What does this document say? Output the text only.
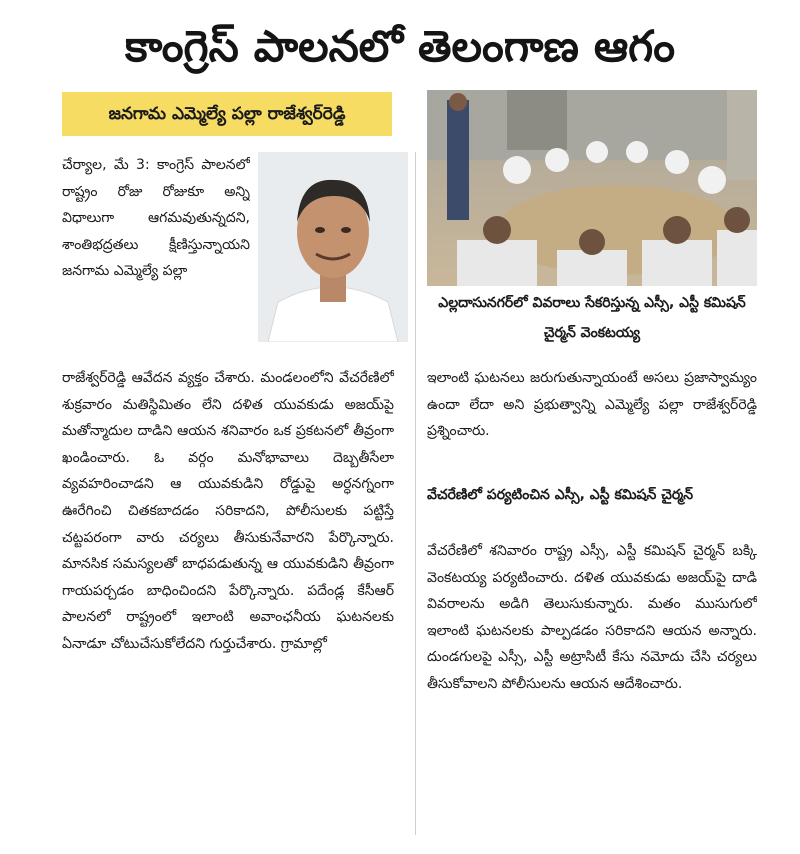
కాంగ్రెస్ పాలనలో తెలంగాణ ఆగం
జనగామ ఎమ్మెల్యే పల్లా రాజేశ్వర్‌రెడ్డి
చేర్యాల, మే 3: కాంగ్రెస్ పాలనలో రాష్ట్రం రోజు రోజుకూ అన్ని విధాలుగా ఆగమవుతున్నదని, శాంతిభద్రతలు క్షీణిస్తున్నాయని జనగామ ఎమ్మెల్యే పల్లా
ఎల్లదాసునగర్‌లో వివరాలు సేకరిస్తున్న ఎస్సీ, ఎస్టీ కమిషన్ చైర్మన్ వెంకటయ్య
రాజేశ్వర్‌రెడ్డి ఆవేదన వ్యక్తం చేశారు. మండలంలోని వేచరేణిలో శుక్రవారం మతిస్థిమితం లేని దళిత యువకుడు అజయ్‌పై మతోన్మాదుల దాడిని ఆయన శనివారం ఒక ప్రకటనలో తీవ్రంగా ఖండించారు. ఓ వర్గం మనోభావాలు దెబ్బతీసేలా వ్యవహరించాడని ఆ యువకుడిని రోడ్డుపై అర్ధనగ్నంగా ఊరేగించి చితకబాదడం సరికాదని, పోలీసులకు పట్టిస్తే చట్టపరంగా వారు చర్యలు తీసుకునేవారని పేర్కొన్నారు. మానసిక సమస్యలతో బాధపడుతున్న ఆ యువకుడిని తీవ్రంగా గాయపర్చడం బాధించిందని పేర్కొన్నారు. పదేండ్ల కేసీఆర్ పాలనలో రాష్ట్రంలో ఇలాంటి అవాంఛనీయ ఘటనలకు ఏనాడూ చోటుచేసుకోలేదని గుర్తుచేశారు. గ్రామాల్లో
ఇలాంటి ఘటనలు జరుగుతున్నాయంటే అసలు ప్రజాస్వామ్యం ఉందా లేదా అని ప్రభుత్వాన్ని ఎమ్మెల్యే పల్లా రాజేశ్వర్‌రెడ్డి ప్రశ్నించారు.
వేచరేణిలో పర్యటించిన ఎస్సీ, ఎస్టీ కమిషన్ చైర్మన్
వేచరేణిలో శనివారం రాష్ట్ర ఎస్సీ, ఎస్టీ కమిషన్ చైర్మన్ బక్కి వెంకటయ్య పర్యటించారు. దళిత యువకుడు అజయ్‌పై దాడి వివరాలను అడిగి తెలుసుకున్నారు. మతం ముసుగులో ఇలాంటి ఘటనలకు పాల్పడడం సరికాదని ఆయన అన్నారు. దుండగులపై ఎస్సీ, ఎస్టీ అట్రాసిటీ కేసు నమోదు చేసి చర్యలు తీసుకోవాలని పోలీసులను ఆయన ఆదేశించారు.
